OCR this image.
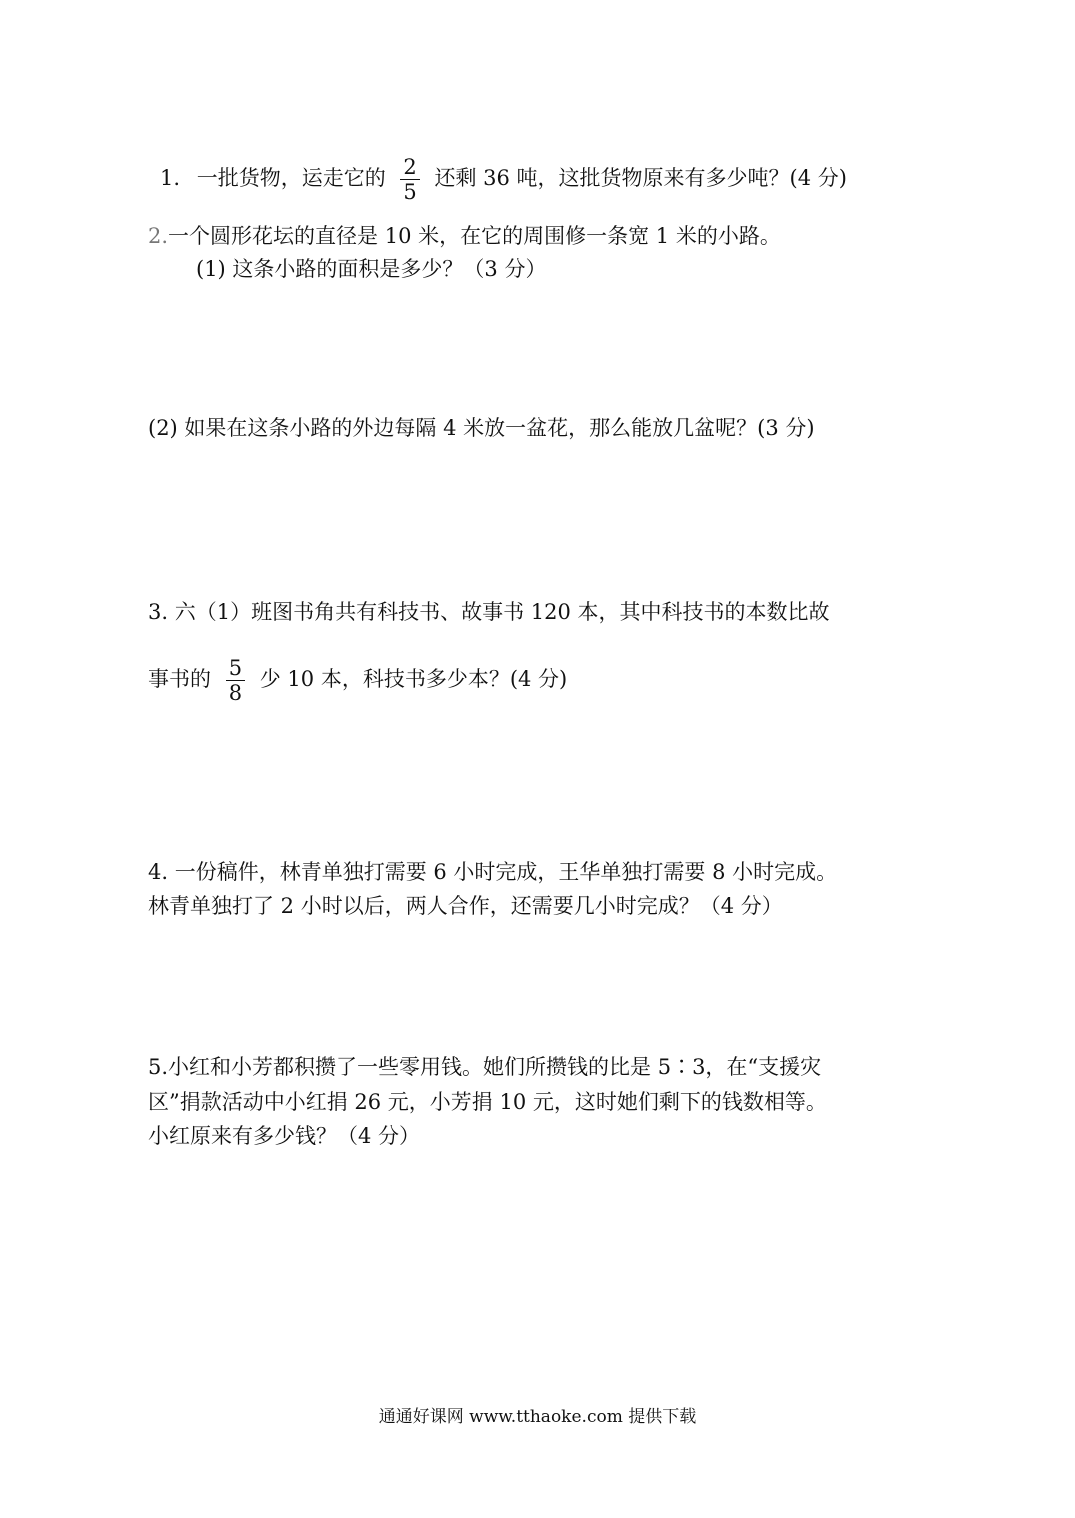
1. 一批货物，运走它的 $\frac{2}{5}$ 还剩 36 吨，这批货物原来有多少吨？(4 分)
2.一个圆形花坛的直径是 10 米，在它的周围修一条宽 1 米的小路。
(1) 这条小路的面积是多少？（3 分）
(2) 如果在这条小路的外边每隔 4 米放一盆花，那么能放几盆呢？(3 分)
3. 六（1）班图书角共有科技书、故事书 120 本，其中科技书的本数比故
事书的 $\frac{5}{8}$ 少 10 本，科技书多少本？(4 分)
4. 一份稿件，林青单独打需要 6 小时完成，王华单独打需要 8 小时完成。
林青单独打了 2 小时以后，两人合作，还需要几小时完成？（4 分）
5.小红和小芳都积攒了一些零用钱。她们所攒钱的比是 5∶3，在“支援灾
区”捐款活动中小红捐 26 元，小芳捐 10 元，这时她们剩下的钱数相等。
小红原来有多少钱？（4 分）
通通好课网 www.tthaoke.com 提供下载
